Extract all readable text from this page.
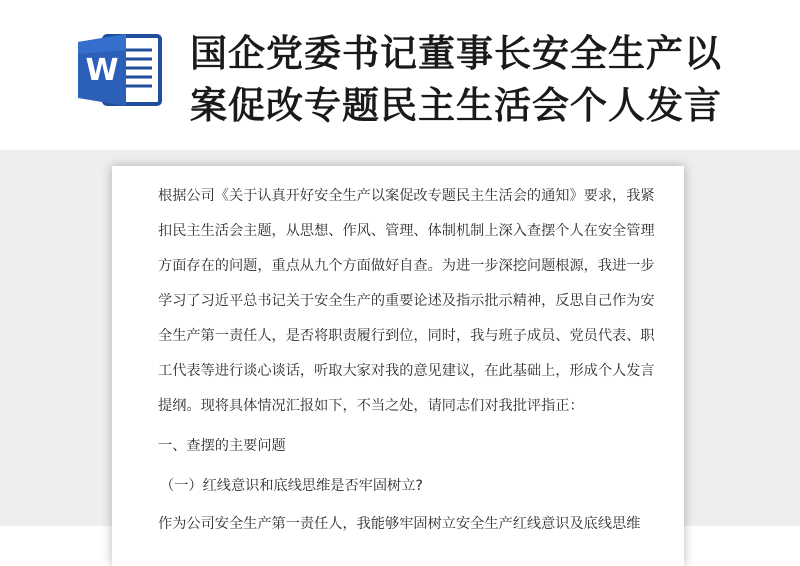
W 国企党委书记董事长安全生产以
案促改专题民主生活会个人发言
根据公司《关于认真开好安全生产以案促改专题民主生活会的通知》要求，我紧
扣民主生活会主题，从思想、作风、管理、体制机制上深入查摆个人在安全管理
方面存在的问题，重点从九个方面做好自查。为进一步深挖问题根源，我进一步
学习了习近平总书记关于安全生产的重要论述及指示批示精神，反思自己作为安
全生产第一责任人，是否将职责履行到位，同时，我与班子成员、党员代表、职
工代表等进行谈心谈话，听取大家对我的意见建议，在此基础上，形成个人发言
提纲。现将具体情况汇报如下，不当之处，请同志们对我批评指正：
一、查摆的主要问题
（一）红线意识和底线思维是否牢固树立?
作为公司安全生产第一责任人，我能够牢固树立安全生产红线意识及底线思维
